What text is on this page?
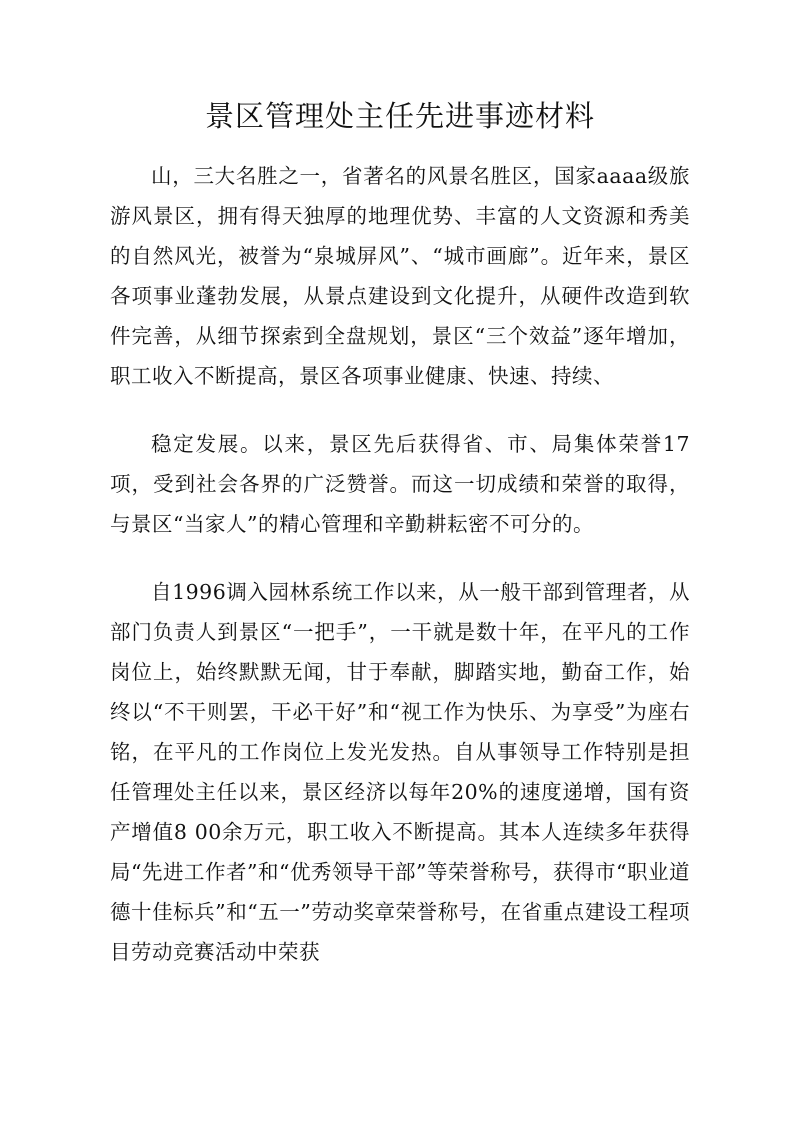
景区管理处主任先进事迹材料

山，三大名胜之一，省著名的风景名胜区，国家aaaa级旅游风景区，拥有得天独厚的地理优势、丰富的人文资源和秀美的自然风光，被誉为“泉城屏风”、“城市画廊”。近年来，景区各项事业蓬勃发展，从景点建设到文化提升，从硬件改造到软件完善，从细节探索到全盘规划，景区“三个效益”逐年增加，职工收入不断提高，景区各项事业健康、快速、持续、

稳定发展。以来，景区先后获得省、市、局集体荣誉17项，受到社会各界的广泛赞誉。而这一切成绩和荣誉的取得，与景区“当家人”的精心管理和辛勤耕耘密不可分的。

自1996调入园林系统工作以来，从一般干部到管理者，从部门负责人到景区“一把手”，一干就是数十年，在平凡的工作岗位上，始终默默无闻，甘于奉献，脚踏实地，勤奋工作，始终以“不干则罢，干必干好”和“视工作为快乐、为享受”为座右铭，在平凡的工作岗位上发光发热。自从事领导工作特别是担任管理处主任以来，景区经济以每年20%的速度递增，国有资产增值8 00余万元，职工收入不断提高。其本人连续多年获得局“先进工作者”和“优秀领导干部”等荣誉称号，获得市“职业道德十佳标兵”和“五一”劳动奖章荣誉称号，在省重点建设工程项目劳动竞赛活动中荣获
